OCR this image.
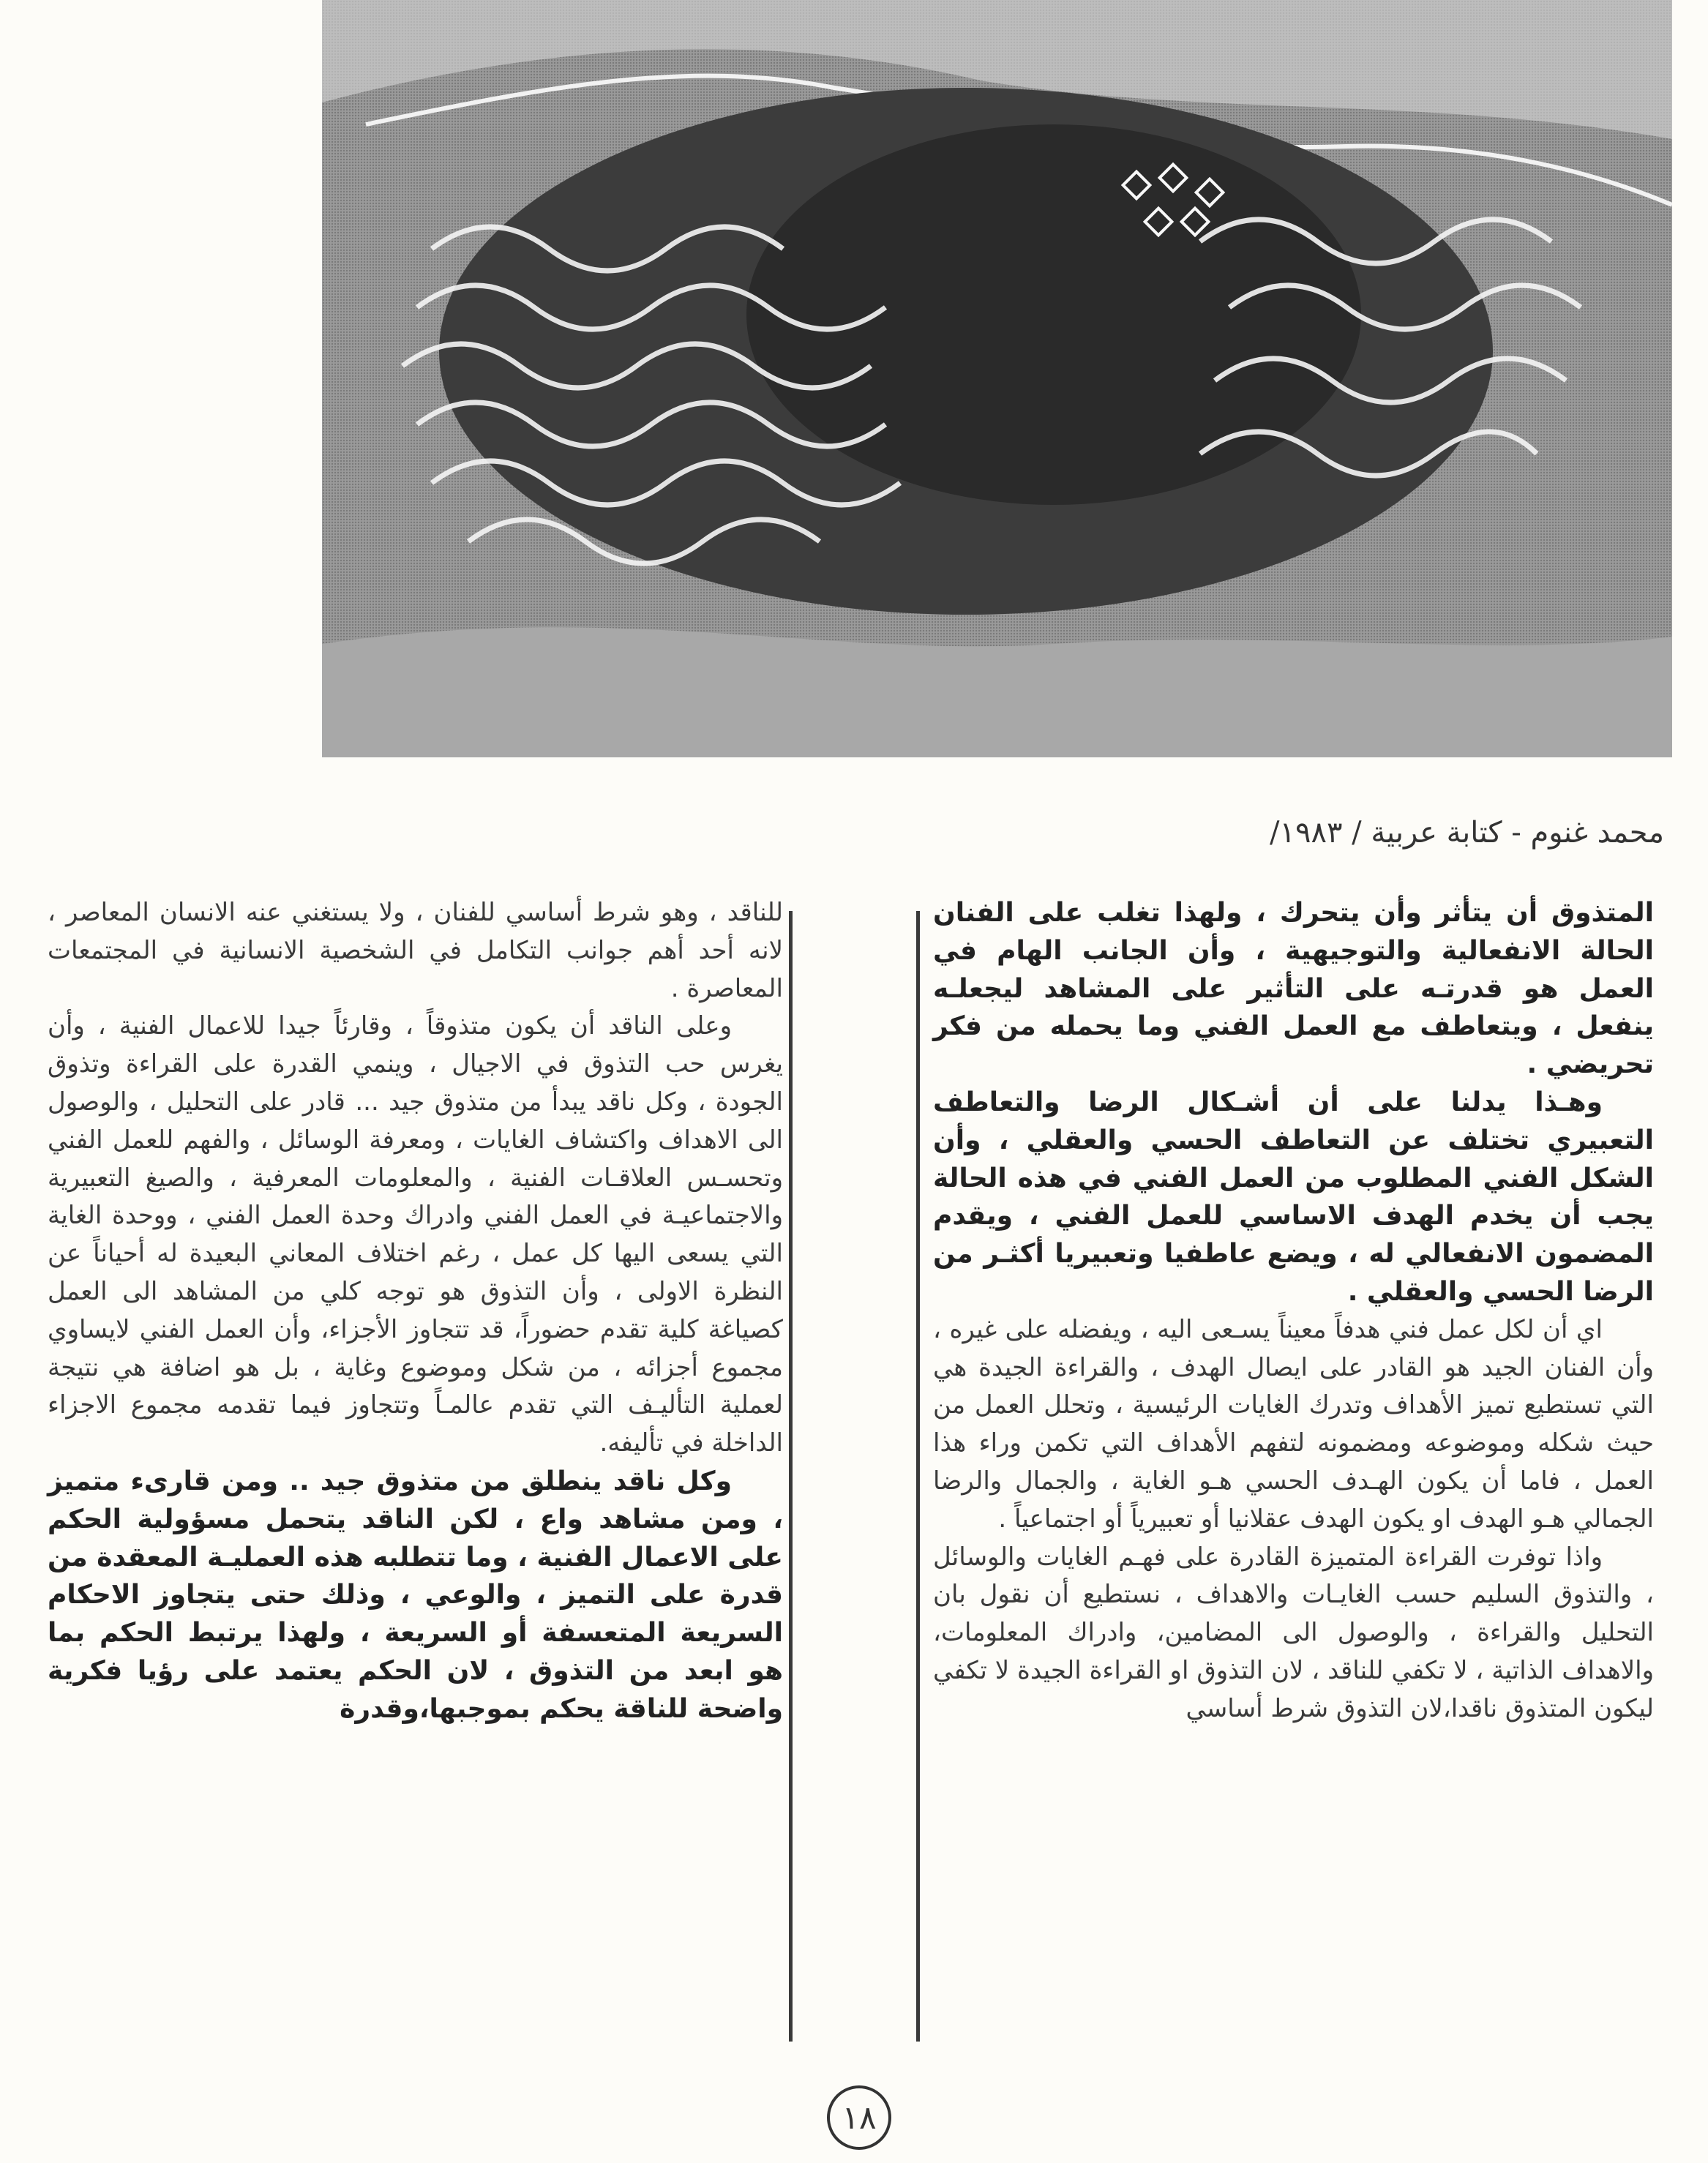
محمد غنوم - كتابة عربية / ١٩٨٣/

المتذوق أن يتأثر وأن يتحرك ، ولهذا تغلب على الفنان الحالة الانفعالية والتوجيهية ، وأن الجانب الهام في العمل هو قدرتـه على التأثير على المشاهد ليجعلـه ينفعل ، ويتعاطف مع العمل الفني وما يحمله من فكر تحريضي .

وهـذا يدلنا على أن أشـكال الرضا والتعاطف التعبيري تختلف عن التعاطف الحسي والعقلي ، وأن الشكل الفني المطلوب من العمل الفني في هذه الحالة يجب أن يخدم الهدف الاساسي للعمل الفني ، ويقدم المضمون الانفعالي له ، ويضع عاطفيا وتعبيريا أكثـر من الرضا الحسي والعقلي .

اي أن لكل عمل فني هدفاً معيناً يسـعى اليه ، ويفضله على غيره ، وأن الفنان الجيد هو القادر على ايصال الهدف ، والقراءة الجيدة هي التي تستطيع تميز الأهداف وتدرك الغايات الرئيسية ، وتحلل العمل من حيث شكله وموضوعه ومضمونه لتفهم الأهداف التي تكمن وراء هذا العمل ، فاما أن يكون الهـدف الحسي هـو الغاية ، والجمال والرضا الجمالي هـو الهدف او يكون الهدف عقلانيا أو تعبيرياً أو اجتماعياً .

واذا توفرت القراءة المتميزة القادرة على فهـم الغايات والوسائل ، والتذوق السليم حسب الغايـات والاهداف ، نستطيع أن نقول بان التحليل والقراءة ، والوصول الى المضامين، وادراك المعلومات، والاهداف الذاتية ، لا تكفي للناقد ، لان التذوق او القراءة الجيدة لا تكفي ليكون المتذوق ناقدا،لان التذوق شرط أساسي

للناقد ، وهو شرط أساسي للفنان ، ولا يستغني عنه الانسان المعاصر ، لانه أحد أهم جوانب التكامل في الشخصية الانسانية في المجتمعات المعاصرة .

وعلى الناقد أن يكون متذوقاً ، وقارئاً جيدا للاعمال الفنية ، وأن يغرس حب التذوق في الاجيال ، وينمي القدرة على القراءة وتذوق الجودة ، وكل ناقد يبدأ من متذوق جيد ... قادر على التحليل ، والوصول الى الاهداف واكتشاف الغايات ، ومعرفة الوسائل ، والفهم للعمل الفني وتحسـس العلاقـات الفنية ، والمعلومات المعرفية ، والصيغ التعبيرية والاجتماعيـة في العمل الفني وادراك وحدة العمل الفني ، ووحدة الغاية التي يسعى اليها كل عمل ، رغم اختلاف المعاني البعيدة له أحياناً عن النظرة الاولى ، وأن التذوق هو توجه كلي من المشاهد الى العمل كصياغة كلية تقدم حضوراً، قد تتجاوز الأجزاء، وأن العمل الفني لايساوي مجموع أجزائه ، من شكل وموضوع وغاية ، بل هو اضافة هي نتيجة لعملية التأليـف التي تقدم عالمـاً وتتجاوز فيما تقدمه مجموع الاجزاء الداخلة في تأليفه.

وكل ناقد ينطلق من متذوق جيد .. ومن قارىء متميز ، ومن مشاهد واع ، لكن الناقد يتحمل مسؤولية الحكم على الاعمال الفنية ، وما تتطلبه هذه العمليـة المعقدة من قدرة على التميز ، والوعي ، وذلك حتى يتجاوز الاحكام السريعة المتعسفة أو السريعة ، ولهذا يرتبط الحكم بما هو ابعد من التذوق ، لان الحكم يعتمد على رؤيا فكرية واضحة للناقة يحكم بموجبها،وقدرة

١٨
